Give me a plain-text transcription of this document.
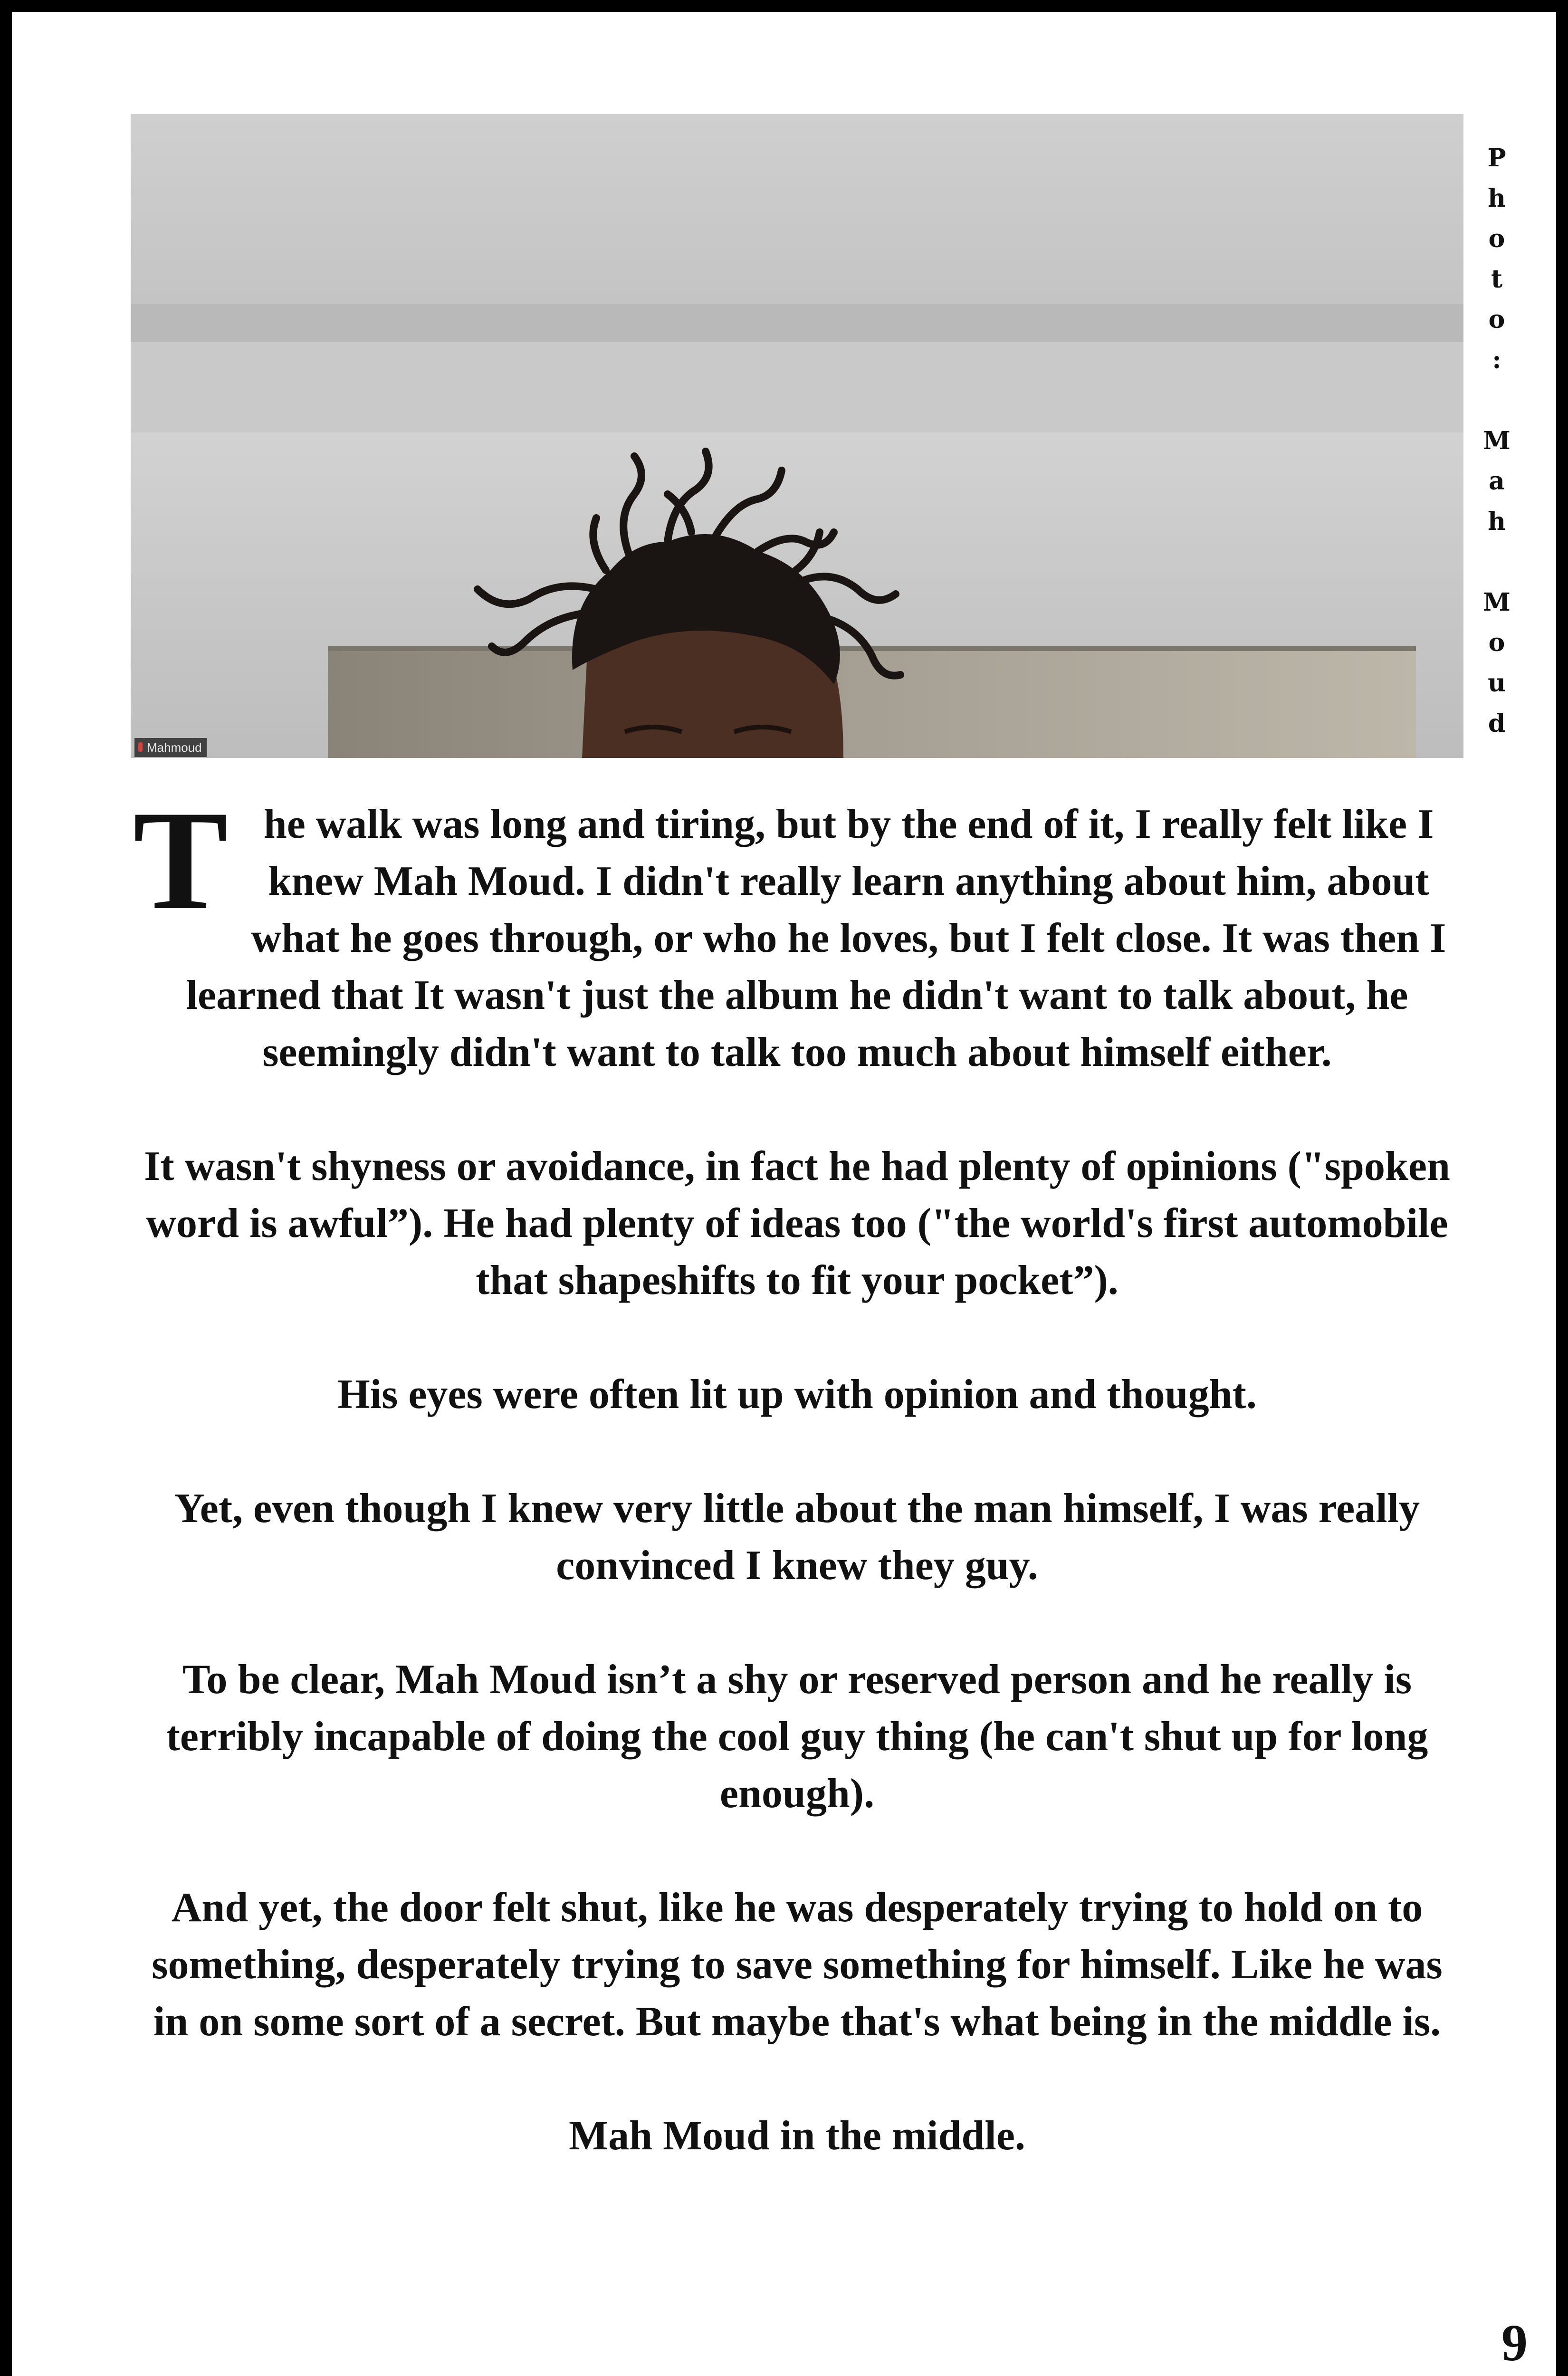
Mahmoud
P
h
o
t
o
:
M
a
h
M
o
u
d

The walk was long and tiring, but by the end of it, I really felt like I knew Mah Moud. I didn't really learn anything about him, about what he goes through, or who he loves, but I felt close. It was then I learned that It wasn't just the album he didn't want to talk about, he seemingly didn't want to talk too much about himself either.

It wasn't shyness or avoidance, in fact he had plenty of opinions ("spoken word is awful”). He had plenty of ideas too ("the world's first automobile that shapeshifts to fit your pocket”).

His eyes were often lit up with opinion and thought.

Yet, even though I knew very little about the man himself, I was really convinced I knew they guy.

To be clear, Mah Moud isn’t a shy or reserved person and he really is terribly incapable of doing the cool guy thing (he can't shut up for long enough).

And yet, the door felt shut, like he was desperately trying to hold on to something, desperately trying to save something for himself. Like he was in on some sort of a secret. But maybe that's what being in the middle is.

Mah Moud in the middle.

9
